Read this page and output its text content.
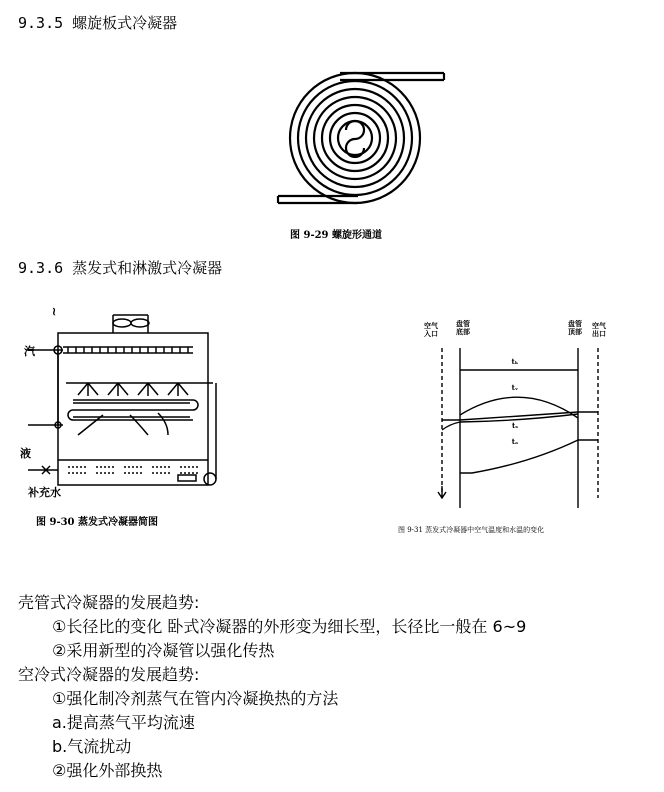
9.3.5 螺旋板式冷凝器
图 9-29 螺旋形通道
9.3.6 蒸发式和淋激式冷凝器
≀
汽
液
补充水
图 9-30 蒸发式冷凝器简图
空气入口
盘管底部
盘管顶部
空气出口
tₖ
tᵥ
tₛ
tₐ
图 9-31 蒸发式冷凝器中空气温度和水温的变化
壳管式冷凝器的发展趋势:
①长径比的变化 卧式冷凝器的外形变为细长型，长径比一般在 6~9
②采用新型的冷凝管以强化传热
空冷式冷凝器的发展趋势:
①强化制冷剂蒸气在管内冷凝换热的方法
a.提高蒸气平均流速
b.气流扰动
②强化外部换热
